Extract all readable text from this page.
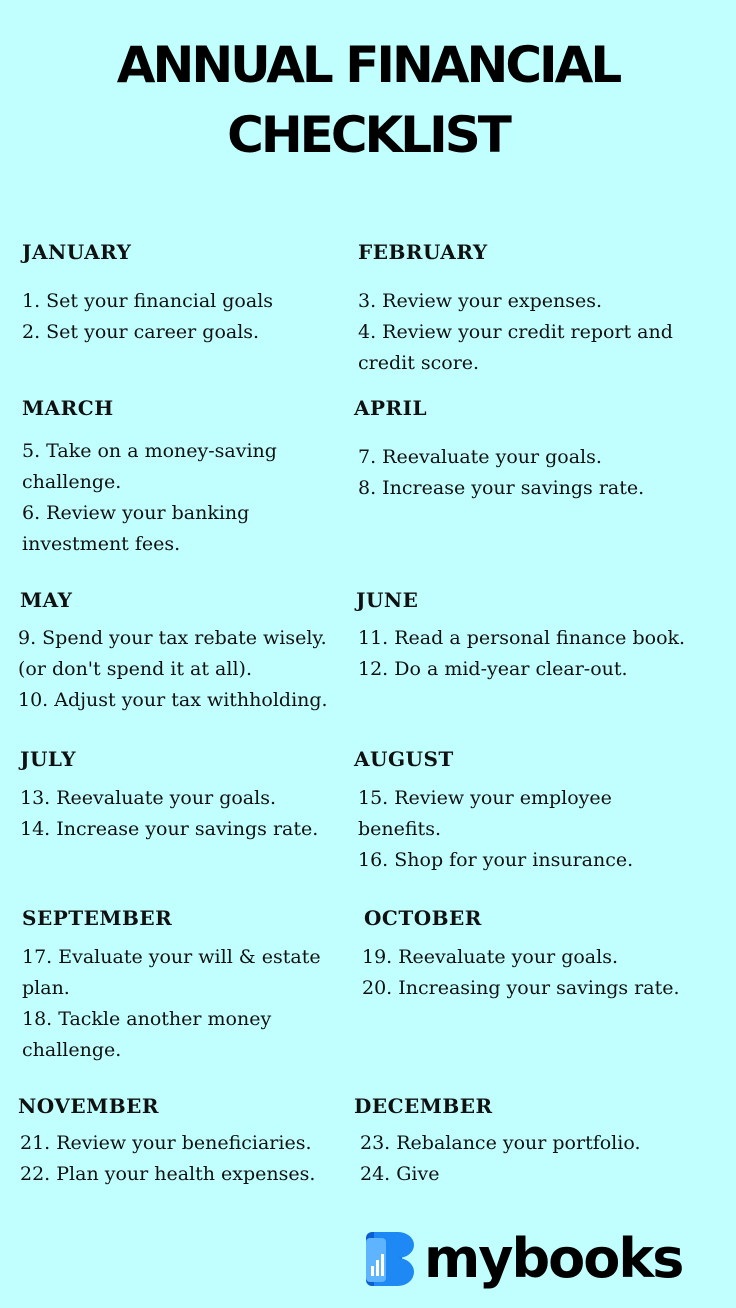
ANNUAL FINANCIAL
CHECKLIST
JANUARY
1. Set your financial goals
2. Set your career goals.
FEBRUARY
3. Review your expenses.
4. Review your credit report and credit score.
MARCH
5. Take on a money-saving challenge.
6. Review your banking investment fees.
APRIL
7. Reevaluate your goals.
8. Increase your savings rate.
MAY
9. Spend your tax rebate wisely. (or don't spend it at all).
10. Adjust your tax withholding.
JUNE
11. Read a personal finance book.
12. Do a mid-year clear-out.
JULY
13. Reevaluate your goals.
14. Increase your savings rate.
AUGUST
15. Review your employee benefits.
16. Shop for your insurance.
SEPTEMBER
17. Evaluate your will & estate plan.
18. Tackle another money challenge.
OCTOBER
19. Reevaluate your goals.
20. Increasing your savings rate.
NOVEMBER
21. Review your beneficiaries.
22. Plan your health expenses.
DECEMBER
23. Rebalance your portfolio.
24. Give
mybooks
